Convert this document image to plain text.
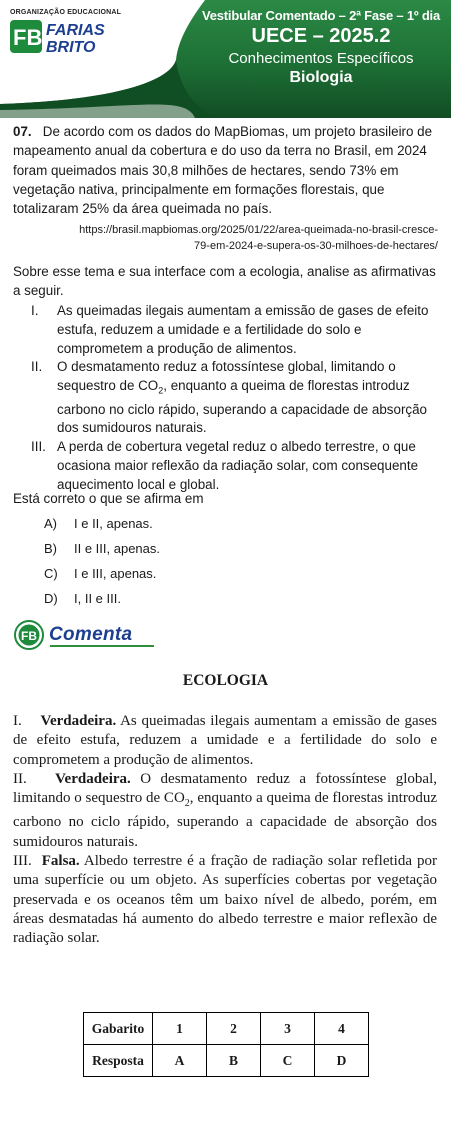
ORGANIZAÇÃO EDUCACIONAL
FB FARIAS
BRITO
Vestibular Comentado – 2ª Fase – 1º dia
UECE – 2025.2
Conhecimentos Específicos
Biologia
07. De acordo com os dados do MapBiomas, um projeto brasileiro de mapeamento anual da cobertura e do uso da terra no Brasil, em 2024 foram queimados mais 30,8 milhões de hectares, sendo 73% em vegetação nativa, principalmente em formações florestais, que totalizaram 25% da área queimada no país.
https://brasil.mapbiomas.org/2025/01/22/area-queimada-no-brasil-cresce-
79-em-2024-e-supera-os-30-milhoes-de-hectares/
Sobre esse tema e sua interface com a ecologia, analise as afirmativas a seguir.
I.	As queimadas ilegais aumentam a emissão de gases de efeito estufa, reduzem a umidade e a fertilidade do solo e comprometem a produção de alimentos.
II.	O desmatamento reduz a fotossíntese global, limitando o sequestro de $CO_2$, enquanto a queima de florestas introduz carbono no ciclo rápido, superando a capacidade de absorção dos sumidouros naturais.
III. A perda de cobertura vegetal reduz o albedo terrestre, o que ocasiona maior reflexão da radiação solar, com consequente aquecimento local e global.
Está correto o que se afirma em
A)	I e II, apenas.
B)	II e III, apenas.
C)	I e III, apenas.
D)	I, II e III.
FB Comenta
ECOLOGIA

I. Verdadeira. As queimadas ilegais aumentam a emissão de gases de efeito estufa, reduzem a umidade e a fertilidade do solo e comprometem a produção de alimentos.

II. Verdadeira. O desmatamento reduz a fotossíntese global, limitando o sequestro de $CO_2$, enquanto a queima de florestas introduz carbono no ciclo rápido, superando a capacidade de absorção dos sumidouros naturais.

III. Falsa. Albedo terrestre é a fração de radiação solar refletida por uma superfície ou um objeto. As superfícies cobertas por vegetação preservada e os oceanos têm um baixo nível de albedo, porém, em áreas desmatadas há aumento do albedo terrestre e maior reflexão de radiação solar.

Gabarito	1	2	3	4
Resposta	A	B	C	D
